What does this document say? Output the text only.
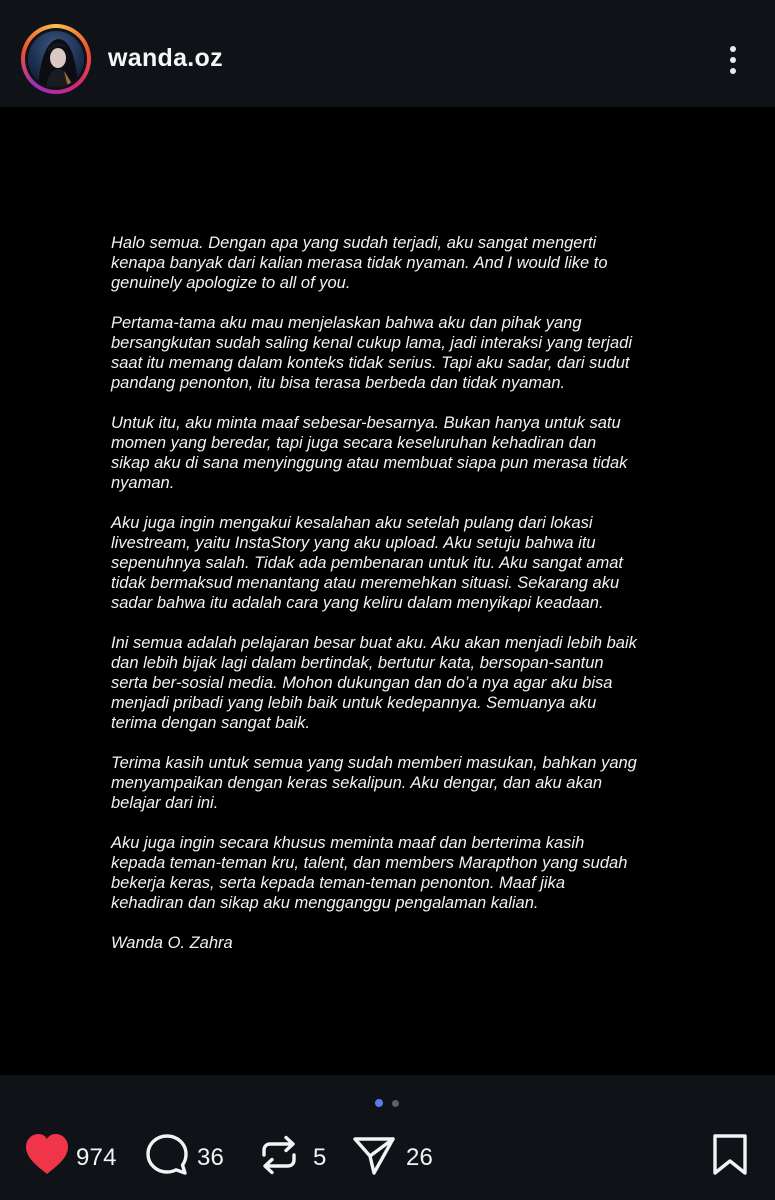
wanda.oz

Halo semua. Dengan apa yang sudah terjadi, aku sangat mengerti
kenapa banyak dari kalian merasa tidak nyaman. And I would like to
genuinely apologize to all of you.

Pertama-tama aku mau menjelaskan bahwa aku dan pihak yang
bersangkutan sudah saling kenal cukup lama, jadi interaksi yang terjadi
saat itu memang dalam konteks tidak serius. Tapi aku sadar, dari sudut
pandang penonton, itu bisa terasa berbeda dan tidak nyaman.

Untuk itu, aku minta maaf sebesar-besarnya. Bukan hanya untuk satu
momen yang beredar, tapi juga secara keseluruhan kehadiran dan
sikap aku di sana menyinggung atau membuat siapa pun merasa tidak
nyaman.

Aku juga ingin mengakui kesalahan aku setelah pulang dari lokasi
livestream, yaitu InstaStory yang aku upload. Aku setuju bahwa itu
sepenuhnya salah. Tidak ada pembenaran untuk itu. Aku sangat amat
tidak bermaksud menantang atau meremehkan situasi. Sekarang aku
sadar bahwa itu adalah cara yang keliru dalam menyikapi keadaan.

Ini semua adalah pelajaran besar buat aku. Aku akan menjadi lebih baik
dan lebih bijak lagi dalam bertindak, bertutur kata, bersopan-santun
serta ber-sosial media. Mohon dukungan dan do’a nya agar aku bisa
menjadi pribadi yang lebih baik untuk kedepannya. Semuanya aku
terima dengan sangat baik.

Terima kasih untuk semua yang sudah memberi masukan, bahkan yang
menyampaikan dengan keras sekalipun. Aku dengar, dan aku akan
belajar dari ini.

Aku juga ingin secara khusus meminta maaf dan berterima kasih
kepada teman-teman kru, talent, dan members Marapthon yang sudah
bekerja keras, serta kepada teman-teman penonton. Maaf jika
kehadiran dan sikap aku mengganggu pengalaman kalian.

Wanda O. Zahra

974	36	5	26
